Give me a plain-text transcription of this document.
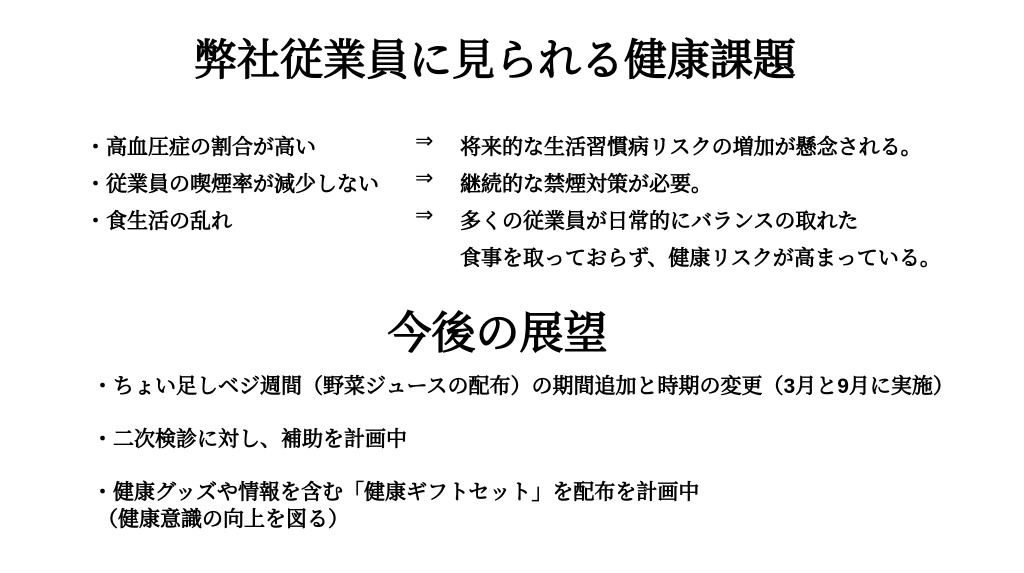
弊社従業員に見られる健康課題
・高血圧症の割合が高い	⇒	将来的な生活習慣病リスクの増加が懸念される。
・従業員の喫煙率が減少しない	⇒	継続的な禁煙対策が必要。
・食生活の乱れ	⇒	多くの従業員が日常的にバランスの取れた
食事を取っておらず、健康リスクが高まっている。
今後の展望
・ちょい足しベジ週間（野菜ジュースの配布）の期間追加と時期の変更（3月と9月に実施）
・二次検診に対し、補助を計画中
・健康グッズや情報を含む「健康ギフトセット」を配布を計画中
（健康意識の向上を図る）
